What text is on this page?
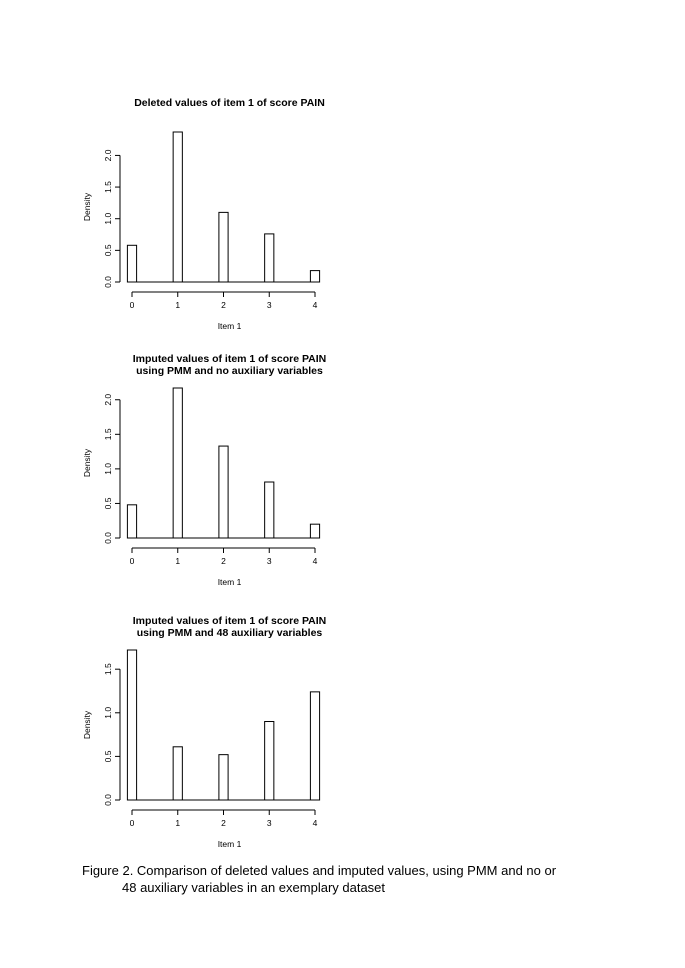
Deleted values of item 1 of score PAIN
0.0
0.5
1.0
1.5
2.0
0	1	2	3	4
Item 1
Density
Imputed values of item 1 of score PAIN
using PMM and no auxiliary variables
0.0
0.5
1.0
1.5
2.0
0	1	2	3	4
Item 1
Density
Imputed values of item 1 of score PAIN
using PMM and 48 auxiliary variables
0.0
0.5
1.0
1.5
0	1	2	3	4
Item 1
Density
Figure 2. Comparison of deleted values and imputed values, using PMM and no or
48 auxiliary variables in an exemplary dataset
